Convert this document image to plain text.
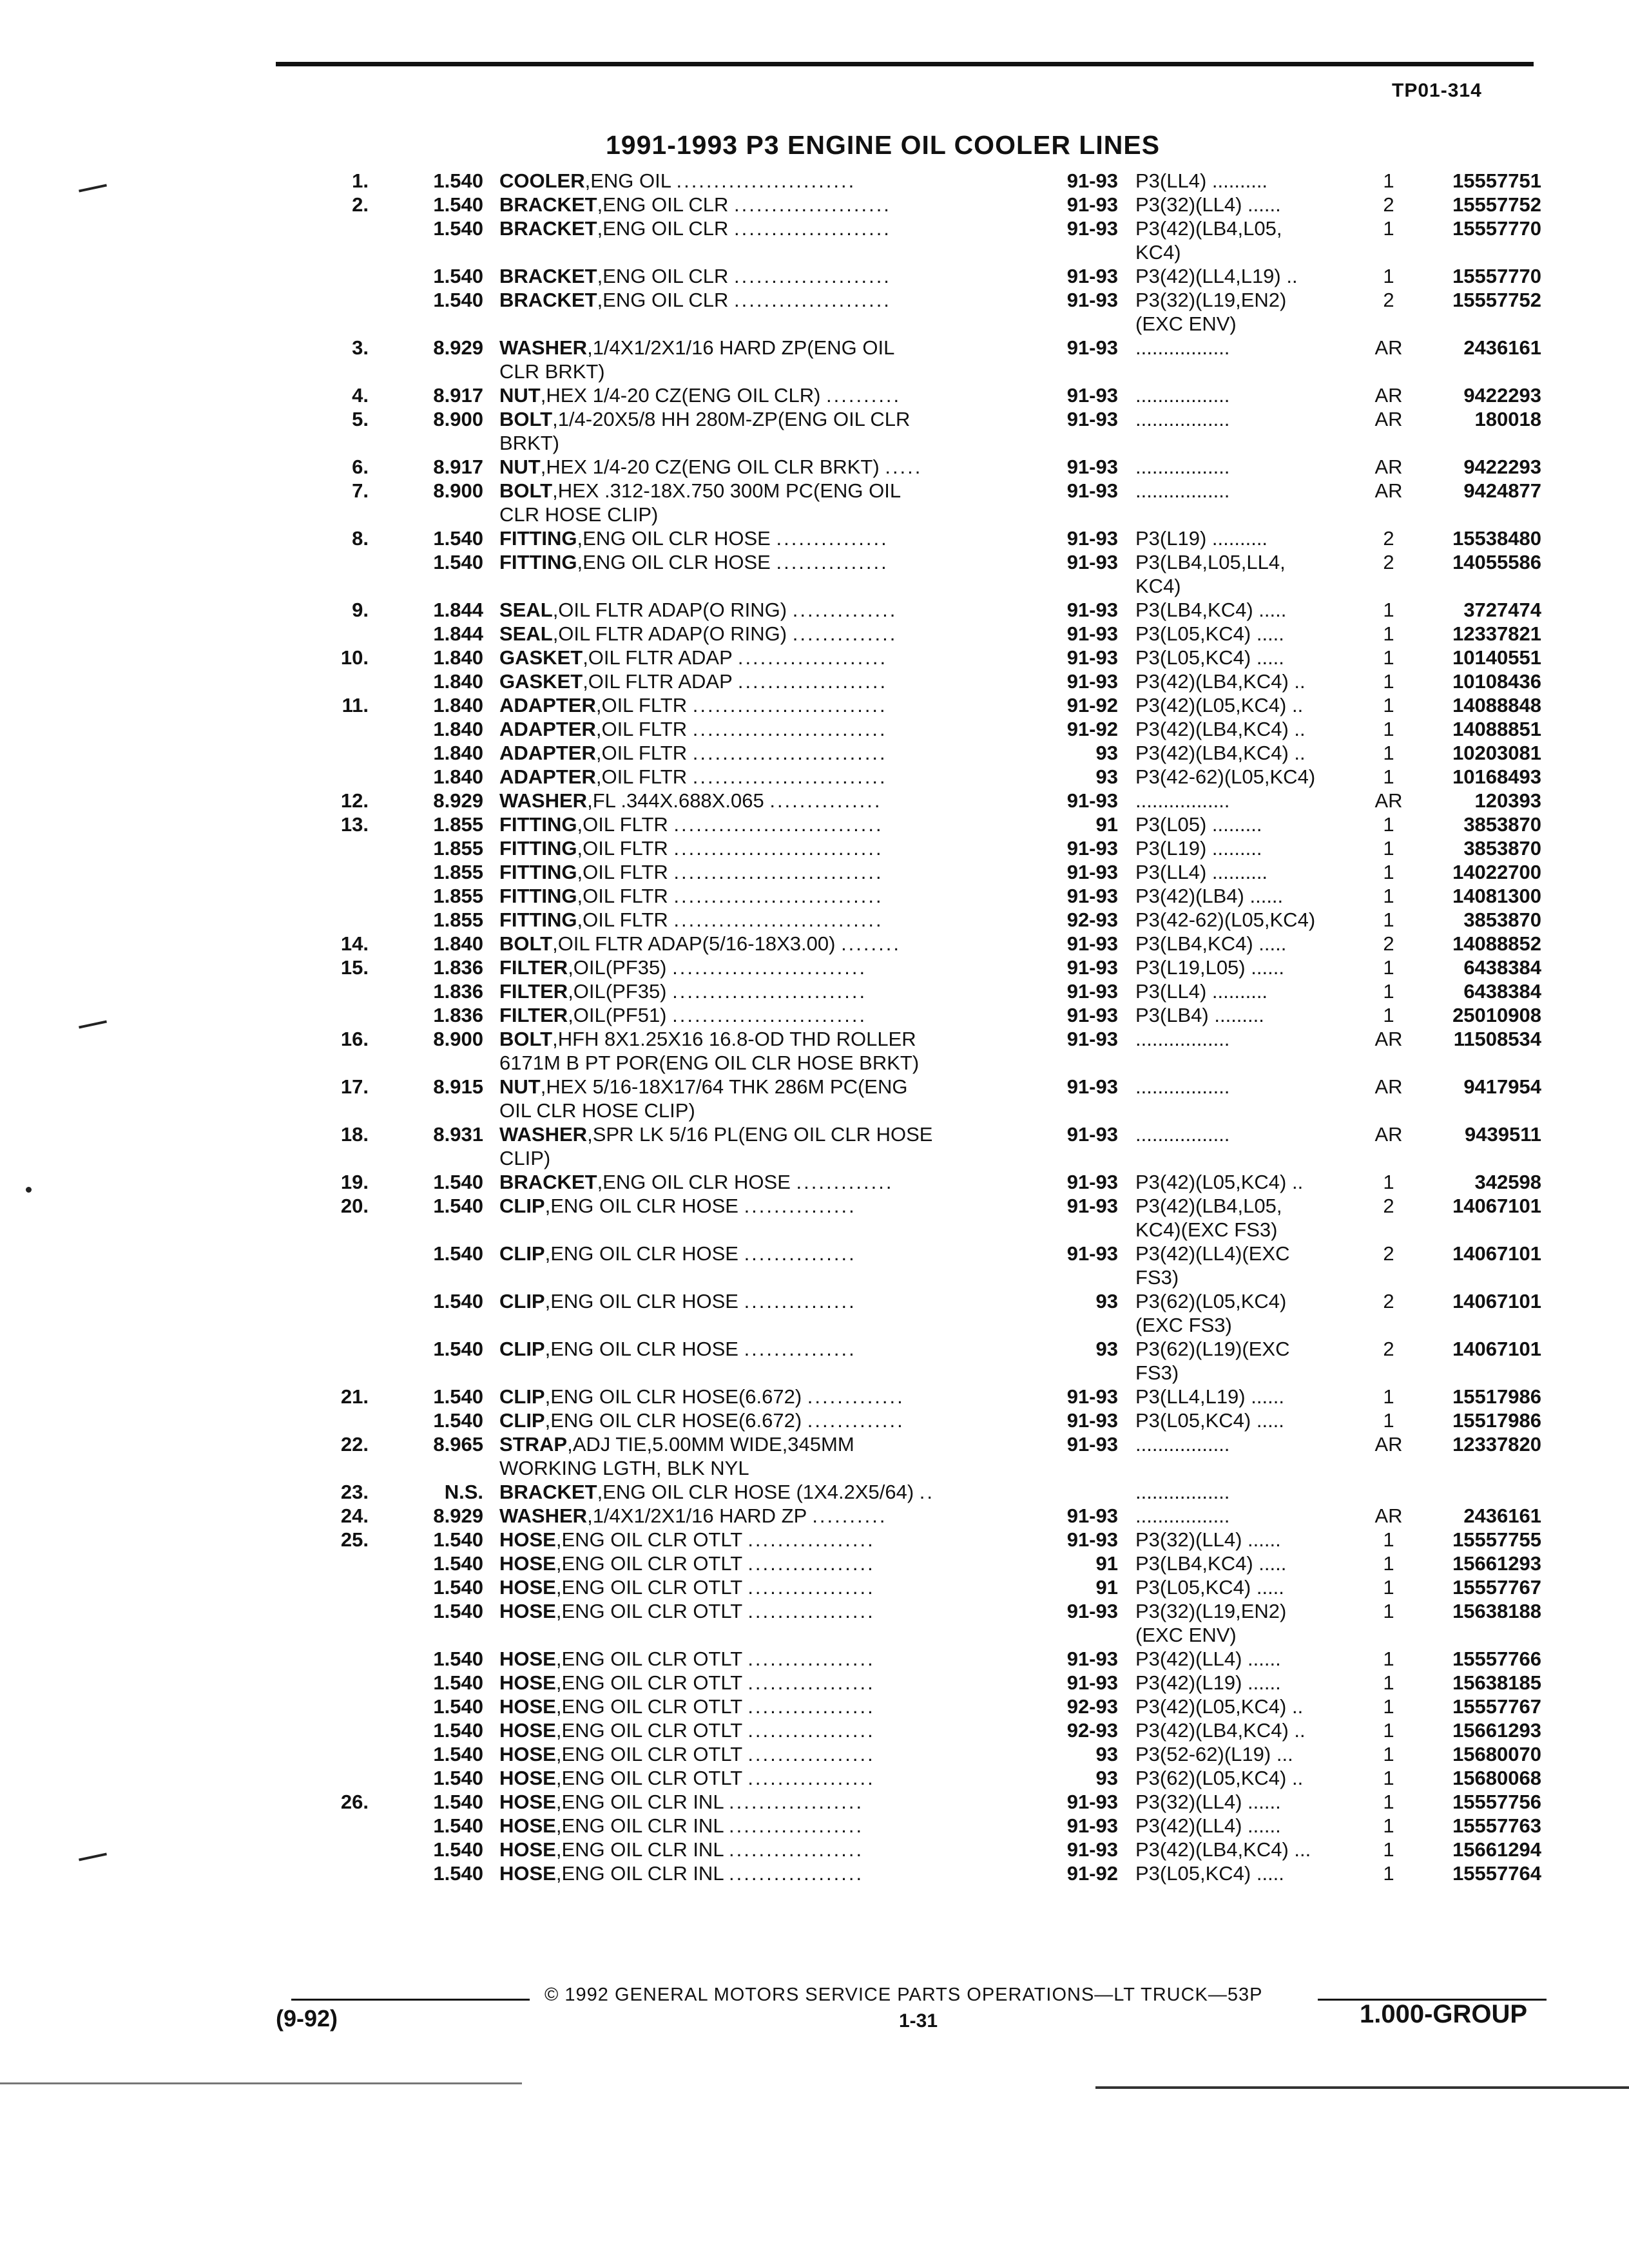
TP01-314
1991-1993 P3 ENGINE OIL COOLER LINES
1.	1.540 COOLER,ENG OIL ........................	91-93 P3(LL4) ..........	1	15557751
2.	1.540 BRACKET,ENG OIL CLR .....................	91-93 P3(32)(LL4) ......	2	15557752
1.540 BRACKET,ENG OIL CLR .....................	91-93 P3(42)(LB4,L05,	1	15557770
KC4)
1.540 BRACKET,ENG OIL CLR .....................	91-93 P3(42)(LL4,L19) ..	1	15557770
1.540 BRACKET,ENG OIL CLR .....................	91-93 P3(32)(L19,EN2)	2	15557752
(EXC ENV)
3.	8.929 WASHER,1/4X1/2X1/16 HARD ZP(ENG OIL	91-93 .................	AR	2436161
CLR BRKT)
4.	8.917 NUT,HEX 1/4-20 CZ(ENG OIL CLR) ..........	91-93 .................	AR	9422293
5.	8.900 BOLT,1/4-20X5/8 HH 280M-ZP(ENG OIL CLR	91-93 .................	AR	180018
BRKT)
6.	8.917 NUT,HEX 1/4-20 CZ(ENG OIL CLR BRKT) .....	91-93 .................	AR	9422293
7.	8.900 BOLT,HEX .312-18X.750 300M PC(ENG OIL	91-93 .................	AR	9424877
CLR HOSE CLIP)
8.	1.540 FITTING,ENG OIL CLR HOSE ...............	91-93 P3(L19) ..........	2	15538480
1.540 FITTING,ENG OIL CLR HOSE ...............	91-93 P3(LB4,L05,LL4,	2	14055586
KC4)
9.	1.844 SEAL,OIL FLTR ADAP(O RING) ..............	91-93 P3(LB4,KC4) .....	1	3727474
1.844 SEAL,OIL FLTR ADAP(O RING) ..............	91-93 P3(L05,KC4) .....	1	12337821
10.	1.840 GASKET,OIL FLTR ADAP ....................	91-93 P3(L05,KC4) .....	1	10140551
1.840 GASKET,OIL FLTR ADAP ....................	91-93 P3(42)(LB4,KC4) ..	1	10108436
11.	1.840 ADAPTER,OIL FLTR ..........................	91-92 P3(42)(L05,KC4) ..	1	14088848
1.840 ADAPTER,OIL FLTR ..........................	91-92 P3(42)(LB4,KC4) ..	1	14088851
1.840 ADAPTER,OIL FLTR ..........................	93 P3(42)(LB4,KC4) ..	1	10203081
1.840 ADAPTER,OIL FLTR ..........................	93 P3(42-62)(L05,KC4)	1	10168493
12.	8.929 WASHER,FL .344X.688X.065 ...............	91-93 .................	AR	120393
13.	1.855 FITTING,OIL FLTR ............................	91 P3(L05) .........	1	3853870
1.855 FITTING,OIL FLTR ............................	91-93 P3(L19) .........	1	3853870
1.855 FITTING,OIL FLTR ............................	91-93 P3(LL4) ..........	1	14022700
1.855 FITTING,OIL FLTR ............................	91-93 P3(42)(LB4) ......	1	14081300
1.855 FITTING,OIL FLTR ............................	92-93 P3(42-62)(L05,KC4)	1	3853870
14.	1.840 BOLT,OIL FLTR ADAP(5/16-18X3.00) ........	91-93 P3(LB4,KC4) .....	2	14088852
15.	1.836 FILTER,OIL(PF35) ..........................	91-93 P3(L19,L05) ......	1	6438384
1.836 FILTER,OIL(PF35) ..........................	91-93 P3(LL4) ..........	1	6438384
1.836 FILTER,OIL(PF51) ..........................	91-93 P3(LB4) .........	1	25010908
16.	8.900 BOLT,HFH 8X1.25X16 16.8-OD THD ROLLER	91-93 .................	AR	11508534
6171M B PT POR(ENG OIL CLR HOSE BRKT)
17.	8.915 NUT,HEX 5/16-18X17/64 THK 286M PC(ENG	91-93 .................	AR	9417954
OIL CLR HOSE CLIP)
18.	8.931 WASHER,SPR LK 5/16 PL(ENG OIL CLR HOSE	91-93 .................	AR	9439511
CLIP)
19.	1.540 BRACKET,ENG OIL CLR HOSE .............	91-93 P3(42)(L05,KC4) ..	1	342598
20.	1.540 CLIP,ENG OIL CLR HOSE ...............	91-93 P3(42)(LB4,L05,	2	14067101
KC4)(EXC FS3)
1.540 CLIP,ENG OIL CLR HOSE ...............	91-93 P3(42)(LL4)(EXC	2	14067101
FS3)
1.540 CLIP,ENG OIL CLR HOSE ...............	93 P3(62)(L05,KC4)	2	14067101
(EXC FS3)
1.540 CLIP,ENG OIL CLR HOSE ...............	93 P3(62)(L19)(EXC	2	14067101
FS3)
21.	1.540 CLIP,ENG OIL CLR HOSE(6.672) .............	91-93 P3(LL4,L19) ......	1	15517986
1.540 CLIP,ENG OIL CLR HOSE(6.672) .............	91-93 P3(L05,KC4) .....	1	15517986
22.	8.965 STRAP,ADJ TIE,5.00MM WIDE,345MM	91-93 .................	AR	12337820
WORKING LGTH, BLK NYL
23.	N.S. BRACKET,ENG OIL CLR HOSE (1X4.2X5/64) ..	.................
24.	8.929 WASHER,1/4X1/2X1/16 HARD ZP ..........	91-93 .................	AR	2436161
25.	1.540 HOSE,ENG OIL CLR OTLT .................	91-93 P3(32)(LL4) ......	1	15557755
1.540 HOSE,ENG OIL CLR OTLT .................	91 P3(LB4,KC4) .....	1	15661293
1.540 HOSE,ENG OIL CLR OTLT .................	91 P3(L05,KC4) .....	1	15557767
1.540 HOSE,ENG OIL CLR OTLT .................	91-93 P3(32)(L19,EN2)	1	15638188
(EXC ENV)
1.540 HOSE,ENG OIL CLR OTLT .................	91-93 P3(42)(LL4) ......	1	15557766
1.540 HOSE,ENG OIL CLR OTLT .................	91-93 P3(42)(L19) ......	1	15638185
1.540 HOSE,ENG OIL CLR OTLT .................	92-93 P3(42)(L05,KC4) ..	1	15557767
1.540 HOSE,ENG OIL CLR OTLT .................	92-93 P3(42)(LB4,KC4) ..	1	15661293
1.540 HOSE,ENG OIL CLR OTLT .................	93 P3(52-62)(L19) ...	1	15680070
1.540 HOSE,ENG OIL CLR OTLT .................	93 P3(62)(L05,KC4) ..	1	15680068
26.	1.540 HOSE,ENG OIL CLR INL ..................	91-93 P3(32)(LL4) ......	1	15557756
1.540 HOSE,ENG OIL CLR INL ..................	91-93 P3(42)(LL4) ......	1	15557763
1.540 HOSE,ENG OIL CLR INL ..................	91-93 P3(42)(LB4,KC4) ...	1	15661294
1.540 HOSE,ENG OIL CLR INL ..................	91-92 P3(L05,KC4) .....	1	15557764
© 1992 GENERAL MOTORS SERVICE PARTS OPERATIONS—LT TRUCK—53P
1-31
(9-92)	1.000-GROUP
